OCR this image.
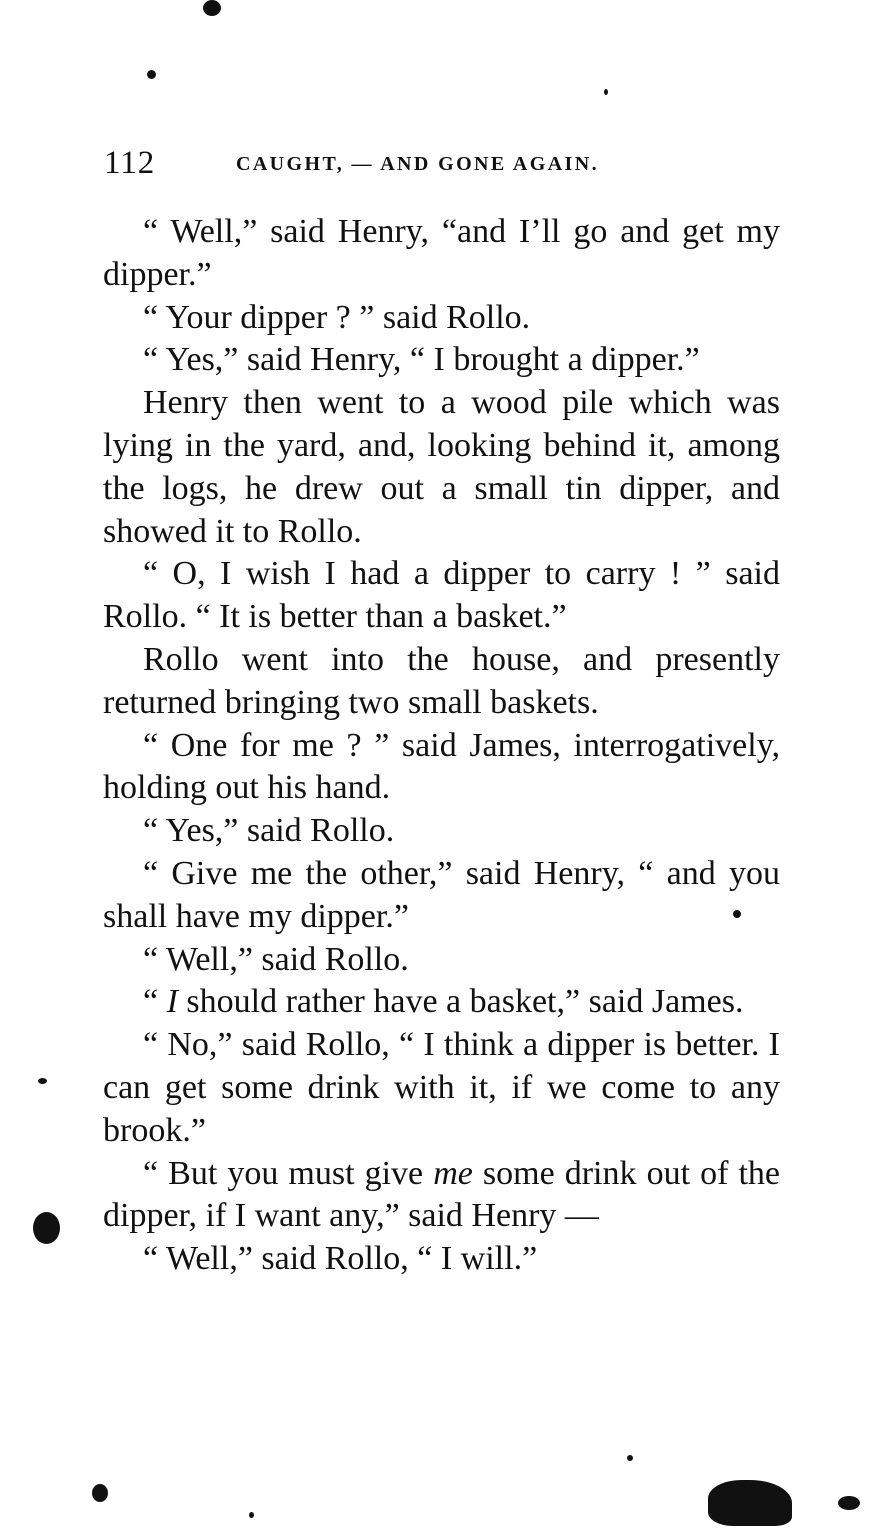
112	CAUGHT, — AND GONE AGAIN.

“ Well,” said Henry, “and I’ll go and get my dipper.”

“ Your dipper ? ” said Rollo.

“ Yes,” said Henry, “ I brought a dipper.”

Henry then went to a wood pile which was lying in the yard, and, looking behind it, among the logs, he drew out a small tin dipper, and showed it to Rollo.

“ O, I wish I had a dipper to carry ! ” said Rollo. “ It is better than a basket.”

Rollo went into the house, and presently returned bringing two small baskets.

“ One for me ? ” said James, interrogatively, holding out his hand.

“ Yes,” said Rollo.

“ Give me the other,” said Henry, “ and you shall have my dipper.”

“ Well,” said Rollo.

“ I should rather have a basket,” said James.

“ No,” said Rollo, “ I think a dipper is better. I can get some drink with it, if we come to any brook.”

“ But you must give me some drink out of the dipper, if I want any,” said Henry —

“ Well,” said Rollo, “ I will.”
